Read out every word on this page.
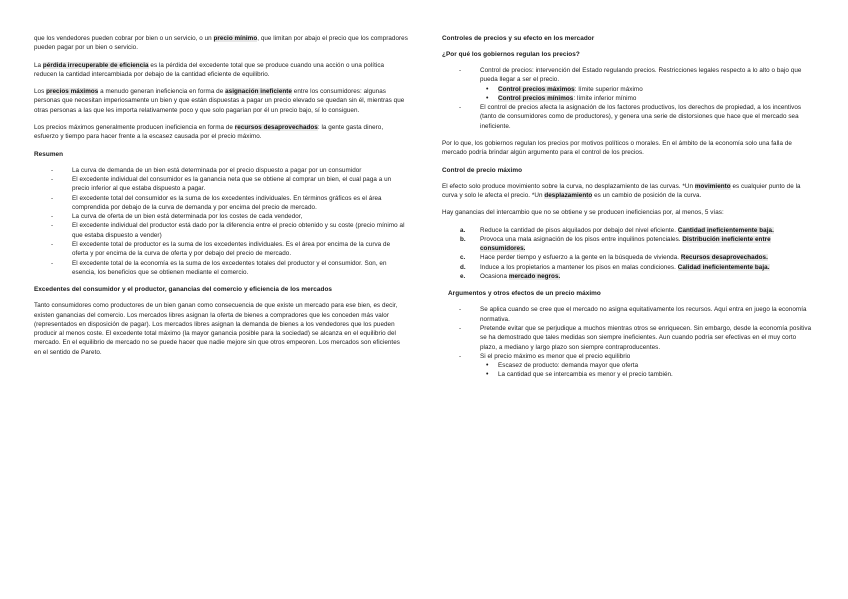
que los vendedores pueden cobrar por bien o un servicio, o un precio mínimo, que limitan por abajo el precio que los compradores pueden pagar por un bien o servicio.

La pérdida irrecuperable de eficiencia es la pérdida del excedente total que se produce cuando una acción o una política reducen la cantidad intercambiada por debajo de la cantidad eficiente de equilibrio.

Los precios máximos a menudo generan ineficiencia en forma de asignación ineficiente entre los consumidores: algunas personas que necesitan imperiosamente un bien y que están dispuestas a pagar un precio elevado se quedan sin él, mientras que otras personas a las que les importa relativamente poco y que solo pagarían por él un precio bajo, sí lo consiguen.

Los precios máximos generalmente producen ineficiencia en forma de recursos desaprovechados: la gente gasta dinero, esfuerzo y tiempo para hacer frente a la escasez causada por el precio máximo.

Resumen
- La curva de demanda de un bien está determinada por el precio dispuesto a pagar por un consumidor
- El excedente individual del consumidor es la ganancia neta que se obtiene al comprar un bien, el cual paga a un precio inferior al que estaba dispuesto a pagar.
- El excedente total del consumidor es la suma de los excedentes individuales. En términos gráficos es el área comprendida por debajo de la curva de demanda y por encima del precio de mercado.
- La curva de oferta de un bien está determinada por los costes de cada vendedor,
- El excedente individual del productor está dado por la diferencia entre el precio obtenido y su coste (precio mínimo al que estaba dispuesto a vender)
- El excedente total de productor es la suma de los excedentes individuales. Es el área por encima de la curva de oferta y por encima de la curva de oferta y por debajo del precio de mercado.
- El excedente total de la economía es la suma de los excedentes totales del productor y el consumidor. Son, en esencia, los beneficios que se obtienen mediante el comercio.
Excedentes del consumidor y el productor, ganancias del comercio y eficiencia de los mercados

Tanto consumidores como productores de un bien ganan como consecuencia de que existe un mercado para ese bien, es decir, existen ganancias del comercio. Los mercados libres asignan la oferta de bienes a compradores que les conceden más valor (representados en disposición de pagar). Los mercados libres asignan la demanda de bienes a los vendedores que los pueden producir al menos coste. El excedente total máximo (la mayor ganancia posible para la sociedad) se alcanza en el equilibrio del mercado. En el equilibrio de mercado no se puede hacer que nadie mejore sin que otros empeoren. Los mercados son eficientes en el sentido de Pareto.

Controles de precios y su efecto en los mercador
¿Por qué los gobiernos regulan los precios?
- Control de precios: intervención del Estado regulando precios. Restricciones legales respecto a lo alto o bajo que pueda llegar a ser el precio.
• Control precios máximos: límite superior máximo
• Control precios mínimos: límite inferior mínimo
- El control de precios afecta la asignación de los factores productivos, los derechos de propiedad, a los incentivos (tanto de consumidores como de productores), y genera una serie de distorsiones que hace que el mercado sea ineficiente.

Por lo que, los gobiernos regulan los precios por motivos políticos o morales. En el ámbito de la economía solo una falla de mercado podría brindar algún argumento para el control de los precios.

Control de precio máximo

El efecto solo produce movimiento sobre la curva, no desplazamiento de las curvas. *Un movimiento es cualquier punto de la curva y solo le afecta el precio. *Un desplazamiento es un cambio de posición de la curva.

Hay ganancias del intercambio que no se obtiene y se producen ineficiencias por, al menos, 5 vías:

a. Reduce la cantidad de pisos alquilados por debajo del nivel eficiente. Cantidad ineficientemente baja.
b. Provoca una mala asignación de los pisos entre inquilinos potenciales. Distribución ineficiente entre consumidores.
c. Hace perder tiempo y esfuerzo a la gente en la búsqueda de vivienda. Recursos desaprovechados.
d. Induce a los propietarios a mantener los pisos en malas condiciones. Calidad ineficientemente baja.
e. Ocasiona mercado negros.
Argumentos y otros efectos de un precio máximo
- Se aplica cuando se cree que el mercado no asigna equitativamente los recursos. Aquí entra en juego la economía normativa.
- Pretende evitar que se perjudique a muchos mientras otros se enriquecen. Sin embargo, desde la economía positiva se ha demostrado que tales medidas son siempre ineficientes. Aun cuando podría ser efectivas en el muy corto plazo, a mediano y largo plazo son siempre contraproducentes.
- Si el precio máximo es menor que el precio equilibrio
• Escasez de producto: demanda mayor que oferta
• La cantidad que se intercambia es menor y el precio también.
